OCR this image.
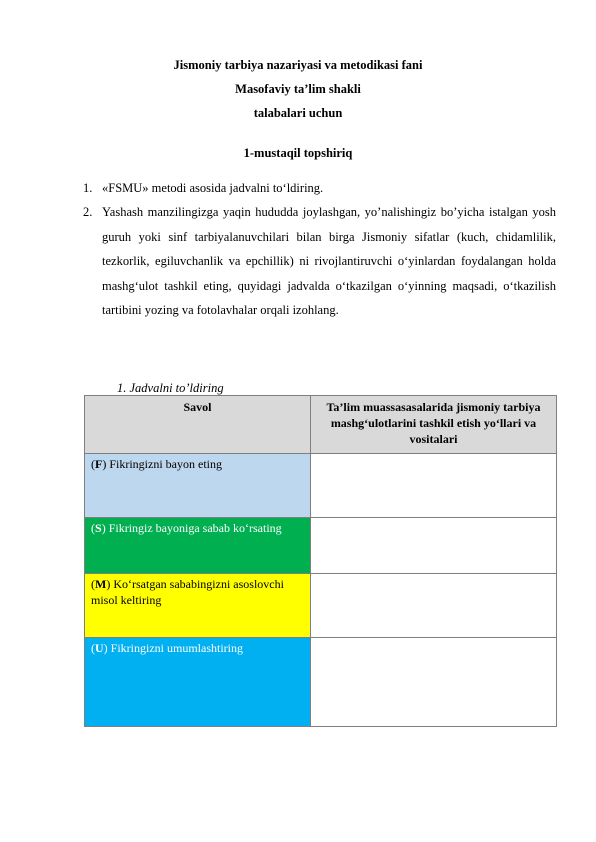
Jismoniy tarbiya nazariyasi va metodikasi fani
Masofaviy ta’lim shakli
talabalari uchun
1-mustaqil topshiriq
1. «FSMU» metodi asosida jadvalni to‘ldiring.
2. Yashash manzilingizga yaqin hududda joylashgan, yo’nalishingiz bo’yicha istalgan yosh guruh yoki sinf tarbiyalanuvchilari bilan birga Jismoniy sifatlar (kuch, chidamlilik, tezkorlik, egiluvchanlik va epchillik) ni rivojlantiruvchi o‘yinlardan foydalangan holda mashg‘ulot tashkil eting, quyidagi jadvalda o‘tkazilgan o‘yinning maqsadi, o‘tkazilish tartibini yozing va fotolavhalar orqali izohlang.
1. Jadvalni to’ldiring
Savol	Ta’lim muassasasalarida jismoniy tarbiya mashg‘ulotlarini tashkil etish yo‘llari va vositalari
(F) Fikringizni bayon eting	
(S) Fikringiz bayoniga sabab ko‘rsating	
(M) Ko‘rsatgan sababingizni asoslovchi misol keltiring	
(U) Fikringizni umumlashtiring	
